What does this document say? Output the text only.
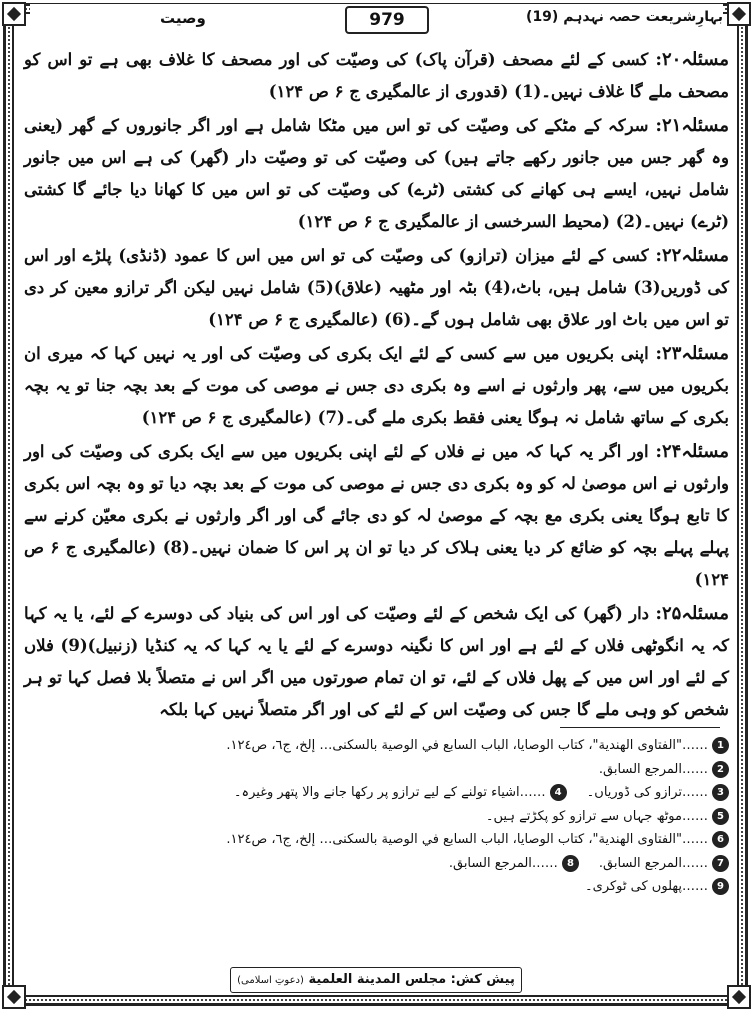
بہارِشریعت حصہ نہدہم (19)
979
وصیت

مسئلہ۲۰: کسی کے لئے مصحف (قرآن پاک) کی وصیّت کی اور مصحف کا غلاف بھی ہے تو اس کو مصحف ملے گا غلاف نہیں۔(1) (قدوری از عالمگیری ج ۶ ص ۱۲۴)

مسئلہ۲۱: سرکہ کے مٹکے کی وصیّت کی تو اس میں مٹکا شامل ہے اور اگر جانوروں کے گھر (یعنی وہ گھر جس میں جانور رکھے جاتے ہیں) کی وصیّت کی تو وصیّت دار (گھر) کی ہے اس میں جانور شامل نہیں، ایسے ہی کھانے کی کشتی (ٹرے) کی وصیّت کی تو اس میں کا کھانا دیا جائے گا کشتی (ٹرے) نہیں۔(2) (محیط السرخسی از عالمگیری ج ۶ ص ۱۲۴)

مسئلہ۲۲: کسی کے لئے میزان (ترازو) کی وصیّت کی تو اس میں اس کا عمود (ڈنڈی) پلڑے اور اس کی ڈوریں(3) شامل ہیں، باٹ،(4) بٹہ اور مٹھیہ (علاق)(5) شامل نہیں لیکن اگر ترازو معین کر دی تو اس میں باٹ اور علاق بھی شامل ہوں گے۔(6) (عالمگیری ج ۶ ص ۱۲۴)

مسئلہ۲۳: اپنی بکریوں میں سے کسی کے لئے ایک بکری کی وصیّت کی اور یہ نہیں کہا کہ میری ان بکریوں میں سے، پھر وارثوں نے اسے وہ بکری دی جس نے موصی کی موت کے بعد بچہ جنا تو یہ بچہ بکری کے ساتھ شامل نہ ہوگا یعنی فقط بکری ملے گی۔(7) (عالمگیری ج ۶ ص ۱۲۴)

مسئلہ۲۴: اور اگر یہ کہا کہ میں نے فلاں کے لئے اپنی بکریوں میں سے ایک بکری کی وصیّت کی اور وارثوں نے اس موصیٰ لہ کو وہ بکری دی جس نے موصی کی موت کے بعد بچہ دیا تو وہ بچہ اس بکری کا تابع ہوگا یعنی بکری مع بچہ کے موصیٰ لہ کو دی جائے گی اور اگر وارثوں نے بکری معیّن کرنے سے پہلے پہلے بچہ کو ضائع کر دیا یعنی ہلاک کر دیا تو ان پر اس کا ضمان نہیں۔(8) (عالمگیری ج ۶ ص ۱۲۴)

مسئلہ۲۵: دار (گھر) کی ایک شخص کے لئے وصیّت کی اور اس کی بنیاد کی دوسرے کے لئے، یا یہ کہا کہ یہ انگوٹھی فلاں کے لئے ہے اور اس کا نگینہ دوسرے کے لئے یا یہ کہا کہ یہ کنڈیا (زنبیل)(9) فلاں کے لئے اور اس میں کے پھل فلاں کے لئے، تو ان تمام صورتوں میں اگر اس نے متصلاً بلا فصل کہا تو ہر شخص کو وہی ملے گا جس کی وصیّت اس کے لئے کی اور اگر متصلاً نہیں کہا بلکہ

1
……"الفتاوى الهندية"، كتاب الوصايا، الباب السابع في الوصية بالسكنى… إلخ، ج٦، ص١٢٤.
2
……المرجع السابق.
3
……ترازو کی ڈوریاں۔
4
……اشیاء تولنے کے لیے ترازو پر رکھا جانے والا پتھر وغیرہ۔
5
……موٹھ جہاں سے ترازو کو پکڑتے ہیں۔
6
……"الفتاوى الهندية"، كتاب الوصايا، الباب السابع في الوصية بالسكنى… إلخ، ج٦، ص١٢٤.
7
……المرجع السابق.
8
……المرجع السابق.
9
……پھلوں کی ٹوکری۔
پیش کش: مجلس المدينة العلمية (دعوتِ اسلامی)
